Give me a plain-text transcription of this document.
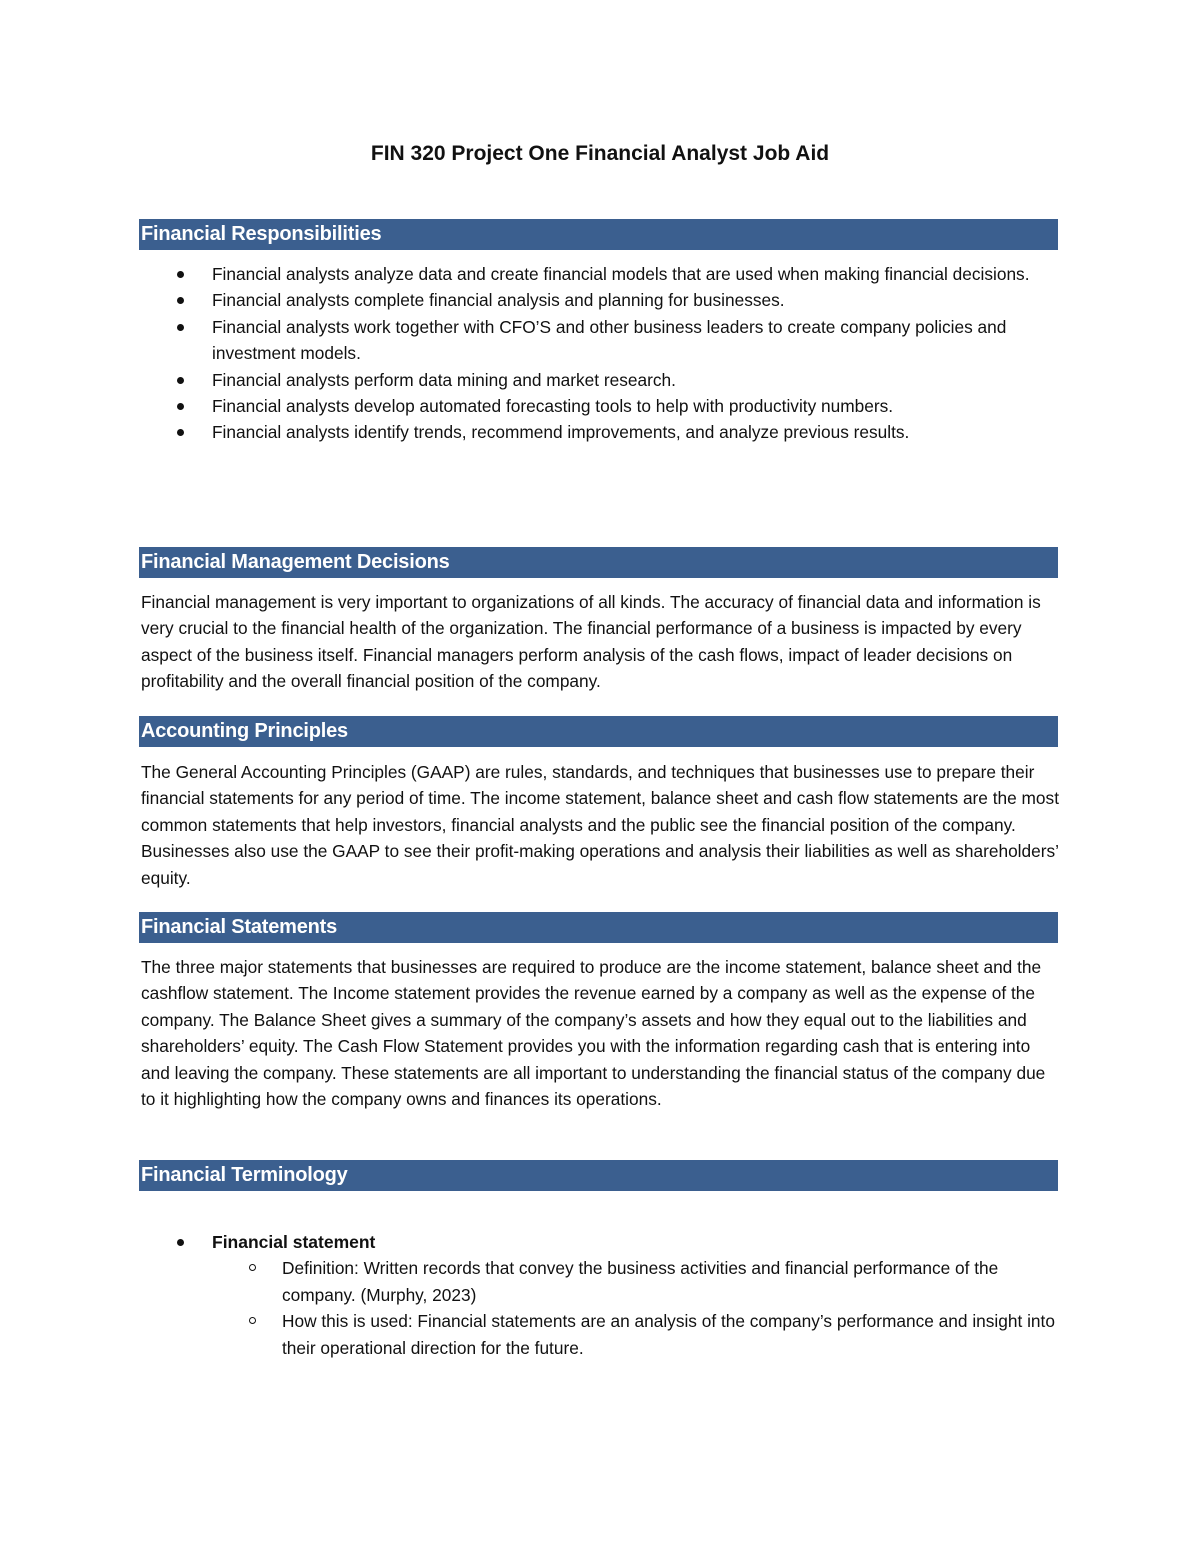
FIN 320 Project One Financial Analyst Job Aid
Financial Responsibilities
Financial analysts analyze data and create financial models that are used when making financial decisions.
Financial analysts complete financial analysis and planning for businesses.
Financial analysts work together with CFO’S and other business leaders to create company policies and investment models.
Financial analysts perform data mining and market research.
Financial analysts develop automated forecasting tools to help with productivity numbers.
Financial analysts identify trends, recommend improvements, and analyze previous results.
Financial Management Decisions

Financial management is very important to organizations of all kinds. The accuracy of financial data and information is very crucial to the financial health of the organization. The financial performance of a business is impacted by every aspect of the business itself. Financial managers perform analysis of the cash flows, impact of leader decisions on profitability and the overall financial position of the company.

Accounting Principles

The General Accounting Principles (GAAP) are rules, standards, and techniques that businesses use to prepare their financial statements for any period of time. The income statement, balance sheet and cash flow statements are the most common statements that help investors, financial analysts and the public see the financial position of the company. Businesses also use the GAAP to see their profit-making operations and analysis their liabilities as well as shareholders’ equity.

Financial Statements

The three major statements that businesses are required to produce are the income statement, balance sheet and the cashflow statement. The Income statement provides the revenue earned by a company as well as the expense of the company. The Balance Sheet gives a summary of the company’s assets and how they equal out to the liabilities and shareholders’ equity. The Cash Flow Statement provides you with the information regarding cash that is entering into and leaving the company. These statements are all important to understanding the financial status of the company due to it highlighting how the company owns and finances its operations.

Financial Terminology
Financial statement
Definition: Written records that convey the business activities and financial performance of the company. (Murphy, 2023)
How this is used: Financial statements are an analysis of the company’s performance and insight into their operational direction for the future.
